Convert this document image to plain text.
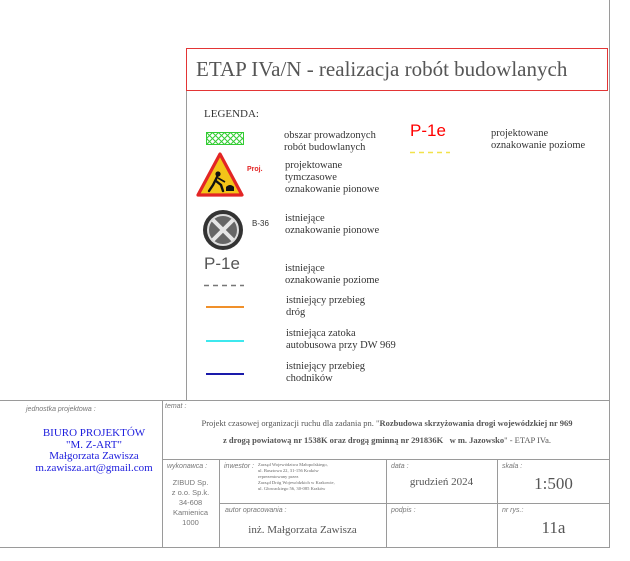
ETAP IVa/N - realizacja robót budowlanych
LEGENDA:
obszar prowadzonych
robót budowlanych
P-1e	projektowane
oznakowanie poziome
Proj. projektowane
tymczasowe
oznakowanie pionowe
B-36 istniejące
oznakowanie pionowe
P-1e	istniejące
oznakowanie poziome
istniejący przebieg
dróg
istniejąca zatoka
autobusowa przy DW 969
istniejący przebieg
chodników
jednostka projektowa :
BIURO PROJEKTÓW
"M. Z-ART"
Małgorzata Zawisza
m.zawisza.art@gmail.com
temat :
Projekt czasowej organizacji ruchu dla zadania pn. "Rozbudowa skrzyżowania drogi wojewódzkiej nr 969
z drogą powiatową nr 1538K oraz drogą gminną nr 291836K w m. Jazowsko" - ETAP IVa.
wykonawca :
ZIBUD Sp.
z o.o. Sp.k.
34-608
Kamienica
1000
inwestor : Zarząd Województwa Małopolskiego,
ul. Basztowa 22, 31-156 Kraków
reprezentowany przez
Zarząd Dróg Wojewódzkich w Krakowie,
ul. Głowackiego 56, 30-085 Kraków
data :
grudzień 2024
skala :
1:500
autor opracowania :
inż. Małgorzata Zawisza
podpis :	nr rys.:
11a
